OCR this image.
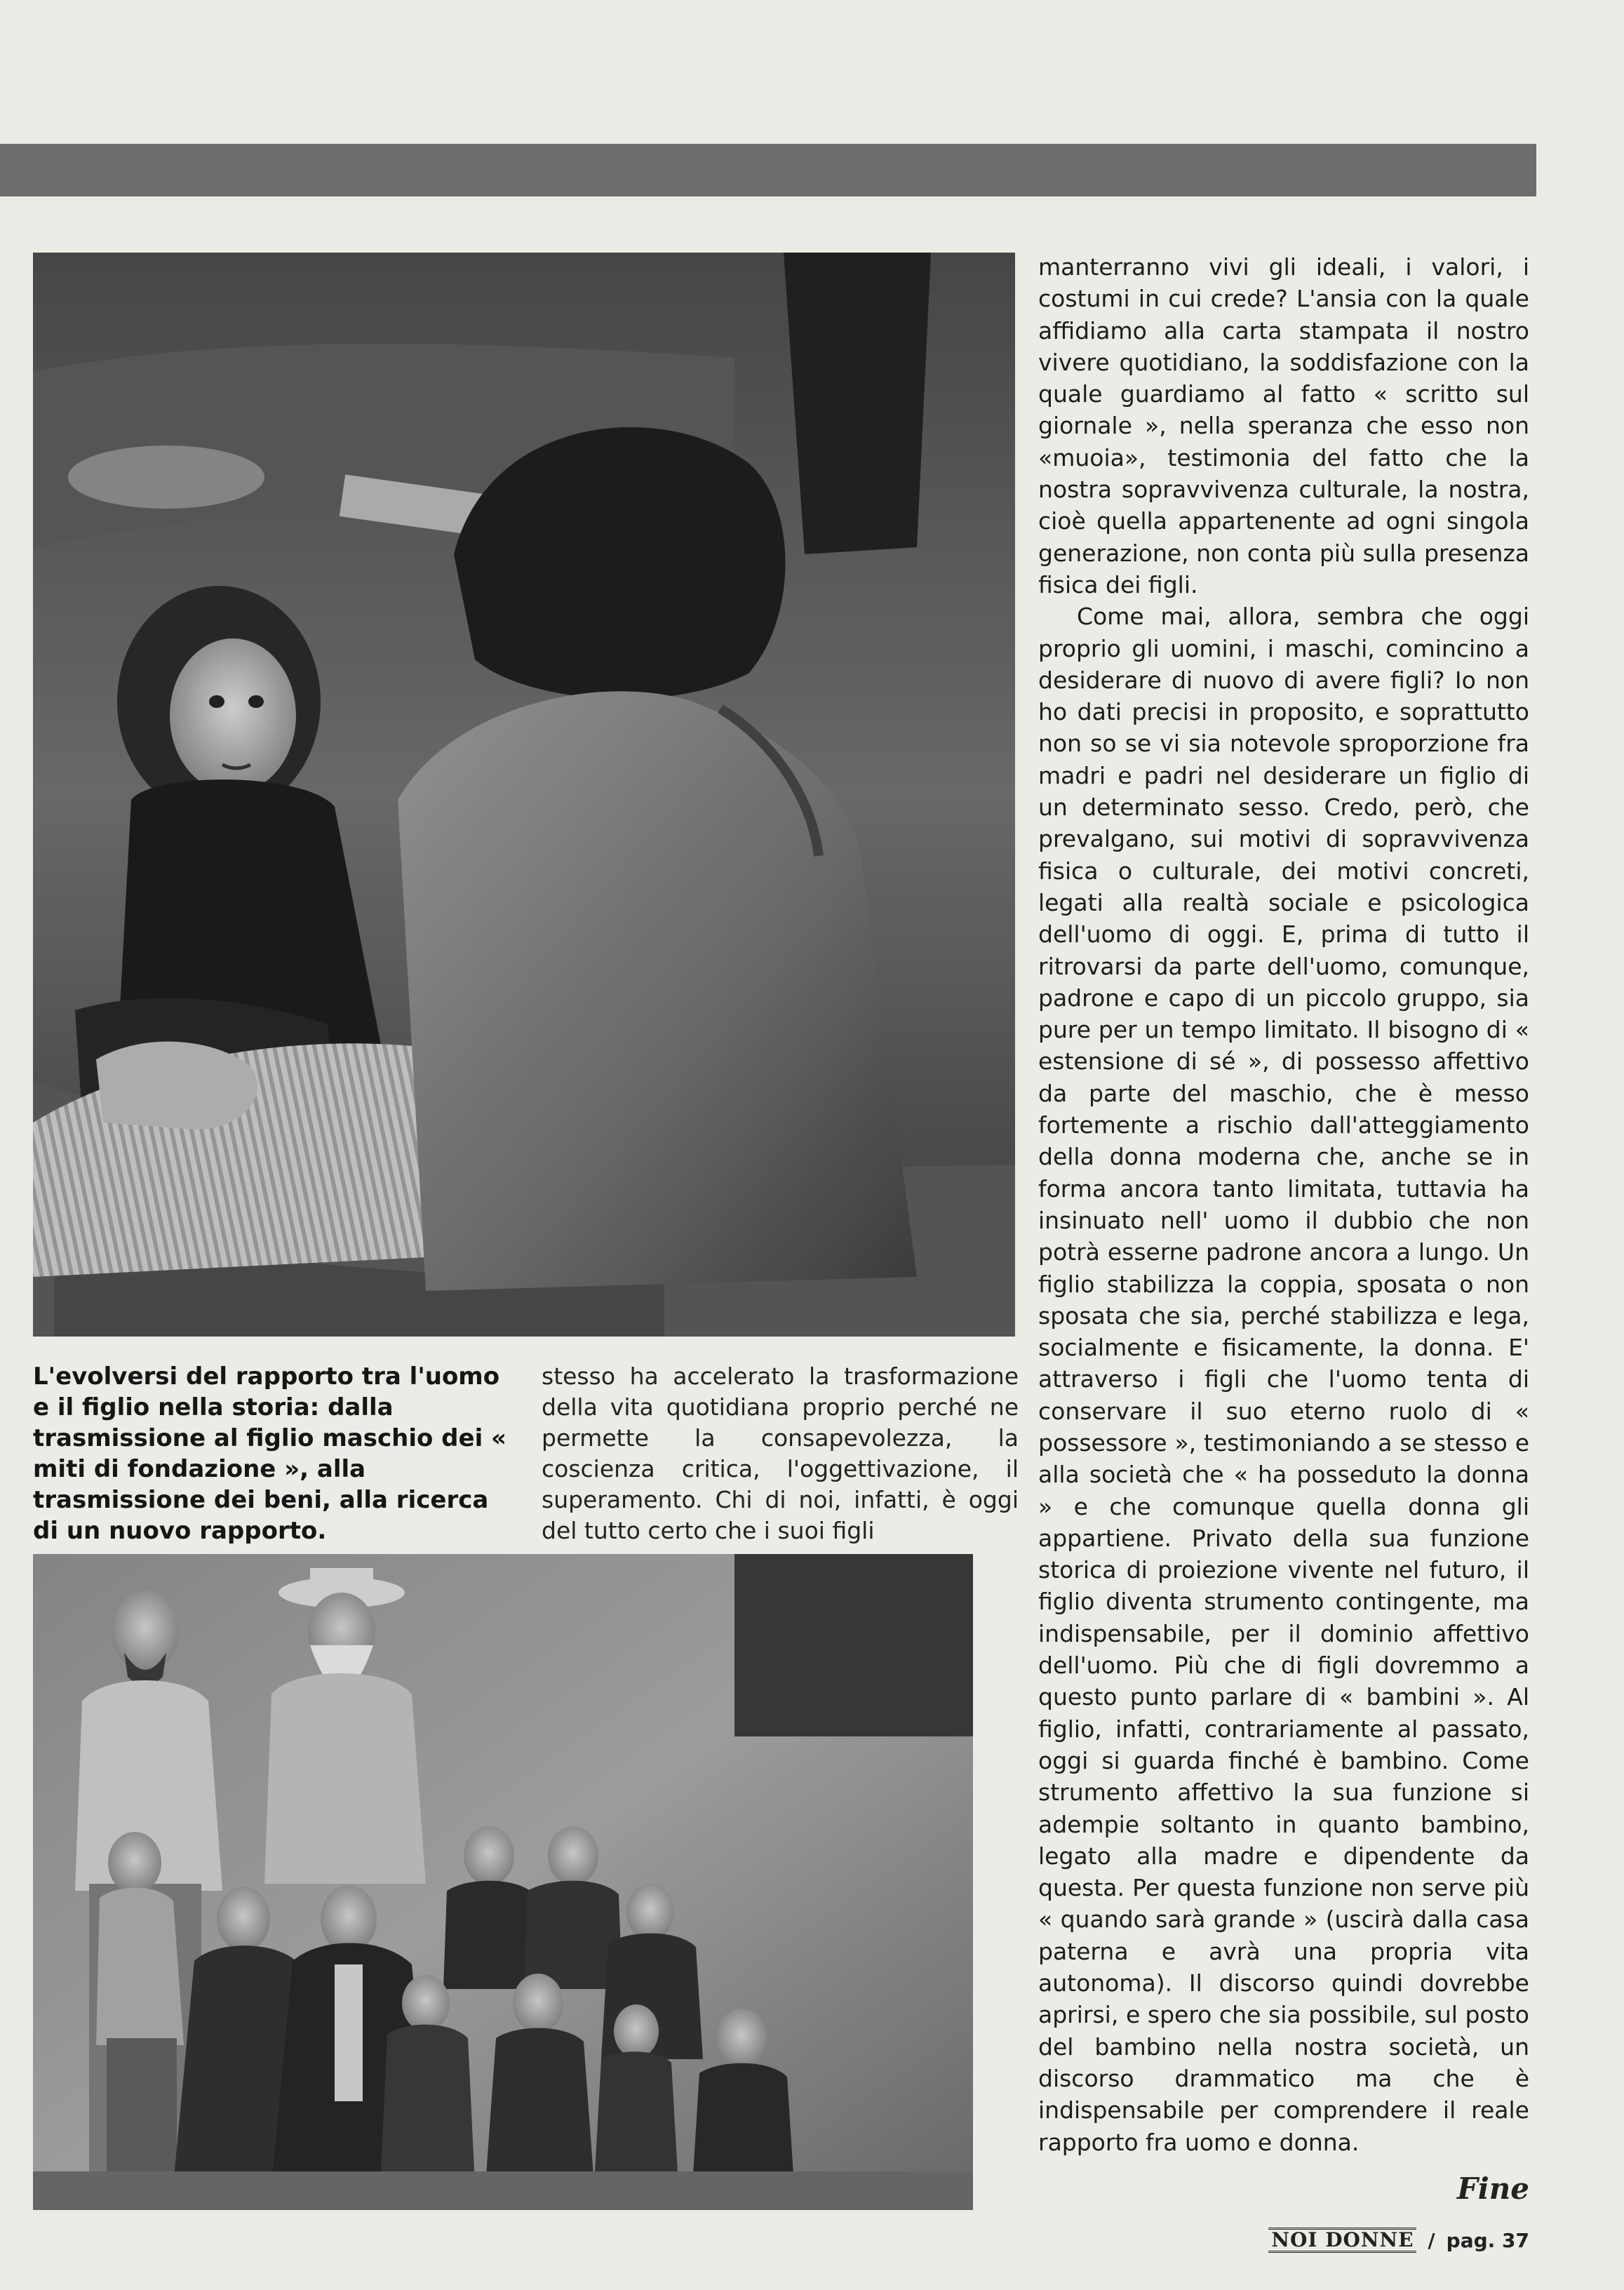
L'evolversi del rapporto tra l'uomo e il figlio nella storia: dalla trasmissione al figlio maschio dei « miti di fondazione », alla trasmissione dei beni, alla ricerca di un nuovo rapporto.

stesso ha accelerato la trasformazione della vita quotidiana proprio perché ne permette la consapevolezza, la coscienza critica, l'oggettivazione, il superamento. Chi di noi, infatti, è oggi del tutto certo che i suoi figli

manterranno vivi gli ideali, i valori, i costumi in cui crede? L'ansia con la quale affidiamo alla carta stampata il nostro vivere quotidiano, la soddisfazione con la quale guardiamo al fatto « scritto sul giornale », nella speranza che esso non «muoia», testimonia del fatto che la nostra sopravvivenza culturale, la nostra, cioè quella appartenente ad ogni singola generazione, non conta più sulla presenza fisica dei figli.

Come mai, allora, sembra che oggi proprio gli uomini, i maschi, comincino a desiderare di nuovo di avere figli? Io non ho dati precisi in proposito, e soprattutto non so se vi sia notevole sproporzione fra madri e padri nel desiderare un figlio di un determinato sesso. Credo, però, che prevalgano, sui motivi di sopravvivenza fisica o culturale, dei motivi concreti, legati alla realtà sociale e psicologica dell'uomo di oggi. E, prima di tutto il ritrovarsi da parte dell'uomo, comunque, padrone e capo di un piccolo gruppo, sia pure per un tempo limitato. Il bisogno di « estensione di sé », di possesso affettivo da parte del maschio, che è messo fortemente a rischio dall'atteggiamento della donna moderna che, anche se in forma ancora tanto limitata, tuttavia ha insinuato nell' uomo il dubbio che non potrà esserne padrone ancora a lungo. Un figlio stabilizza la coppia, sposata o non sposata che sia, perché stabilizza e lega, socialmente e fisicamente, la donna. E' attraverso i figli che l'uomo tenta di conservare il suo eterno ruolo di « possessore », testimoniando a se stesso e alla società che « ha posseduto la donna » e che comunque quella donna gli appartiene. Privato della sua funzione storica di proiezione vivente nel futuro, il figlio diventa strumento contingente, ma indispensabile, per il dominio affettivo dell'uomo. Più che di figli dovremmo a questo punto parlare di « bambini ». Al figlio, infatti, contrariamente al passato, oggi si guarda finché è bambino. Come strumento affettivo la sua funzione si adempie soltanto in quanto bambino, legato alla madre e dipendente da questa. Per questa funzione non serve più « quando sarà grande » (uscirà dalla casa paterna e avrà una propria vita autonoma). Il discorso quindi dovrebbe aprirsi, e spero che sia possibile, sul posto del bambino nella nostra società, un discorso drammatico ma che è indispensabile per comprendere il reale rapporto fra uomo e donna.

Fine
NOI DONNE / pag. 37
